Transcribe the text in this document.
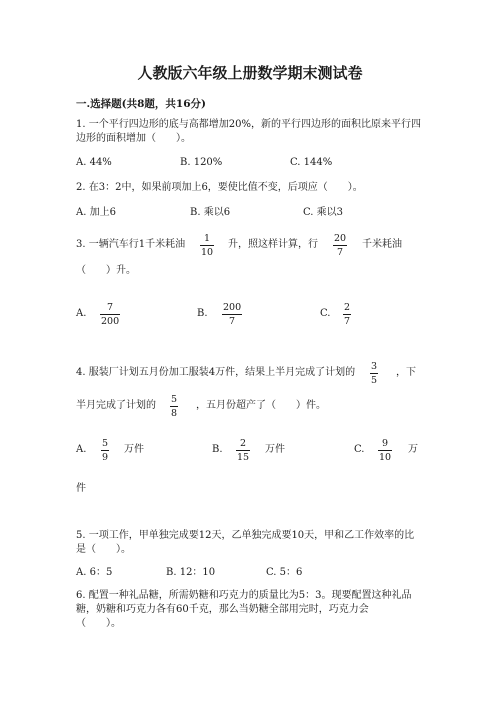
人教版六年级上册数学期末测试卷
一.选择题(共8题，共16分)
1. 一个平行四边形的底与高都增加20%，新的平行四边形的面积比原来平行四
边形的面积增加（　　）。
A. 44%	B. 120%	C. 144%
2. 在3：2中，如果前项加上6，要使比值不变，后项应（　　）。
A. 加上6	B. 乘以6	C. 乘以3
3. 一辆汽车行1千米耗油
1
10
升，照这样计算，行
20
7
千米耗油
（　　）升。
A.
7
200
B.
200
7
C.
2
7
4. 服装厂计划五月份加工服装4万件，结果上半月完成了计划的
3
5
，下
半月完成了计划的
5
8
，五月份超产了（　　）件。
A.
5
9
万件	B.
2
15
万件	C.
9
10
万
件
5. 一项工作，甲单独完成要12天，乙单独完成要10天，甲和乙工作效率的比
是（　　）。
A. 6：5	B. 12：10	C. 5：6
6. 配置一种礼品糖，所需奶糖和巧克力的质量比为5：3。现要配置这种礼品
糖，奶糖和巧克力各有60千克，那么当奶糖全部用完时，巧克力会
（　　）。
